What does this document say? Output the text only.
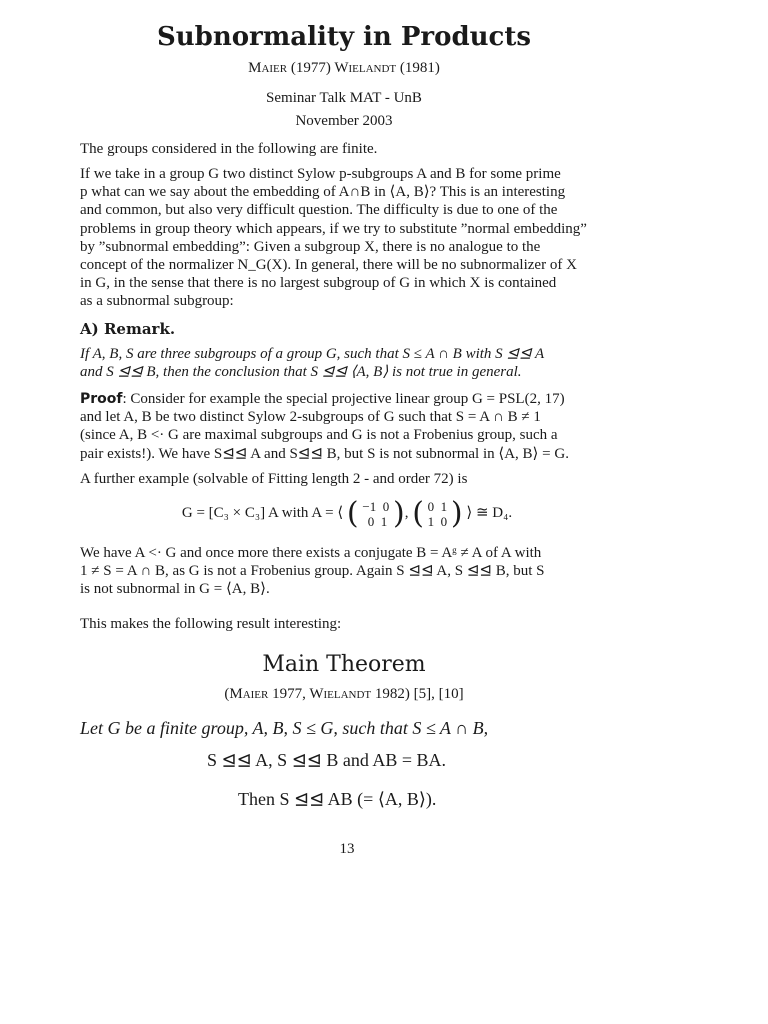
Subnormality in Products
Maier (1977) Wielandt (1981)
Seminar Talk MAT - UnB
November 2003
The groups considered in the following are finite.
If we take in a group G two distinct Sylow p-subgroups A and B for some prime
p what can we say about the embedding of A∩B in ⟨A, B⟩? This is an interesting
and common, but also very difficult question. The difficulty is due to one of the
problems in group theory which appears, if we try to substitute ”normal embedding”
by ”subnormal embedding”: Given a subgroup X, there is no analogue to the
concept of the normalizer N_G(X). In general, there will be no subnormalizer of X
in G, in the sense that there is no largest subgroup of G in which X is contained
as a subnormal subgroup:
A) Remark.
If A, B, S are three subgroups of a group G, such that S ≤ A ∩ B with S ⊴⊴ A
and S ⊴⊴ B, then the conclusion that S ⊴⊴ ⟨A, B⟩ is not true in general.
Proof: Consider for example the special projective linear group G = PSL(2, 17)
and let A, B be two distinct Sylow 2-subgroups of G such that S = A ∩ B ≠ 1
(since A, B <· G are maximal subgroups and G is not a Frobenius group, such a
pair exists!). We have S⊴⊴ A and S⊴⊴ B, but S is not subnormal in ⟨A, B⟩ = G.
A further example (solvable of Fitting length 2 - and order 72) is
G = [C₃ × C₃] A with A = ⟨ ( −1  0
0  1 ), ( 0  1
1  0 ) ⟩ ≅ D₄.
We have A <· G and once more there exists a conjugate B = Aᵍ ≠ A of A with
1 ≠ S = A ∩ B, as G is not a Frobenius group. Again S ⊴⊴ A, S ⊴⊴ B, but S
is not subnormal in G = ⟨A, B⟩.
This makes the following result interesting:
Main Theorem
(Maier 1977, Wielandt 1982) [5], [10]
Let G be a finite group, A, B, S ≤ G, such that S ≤ A ∩ B,
S ⊴⊴ A, S ⊴⊴ B and AB = BA.
Then S ⊴⊴ AB (= ⟨A, B⟩).
13
